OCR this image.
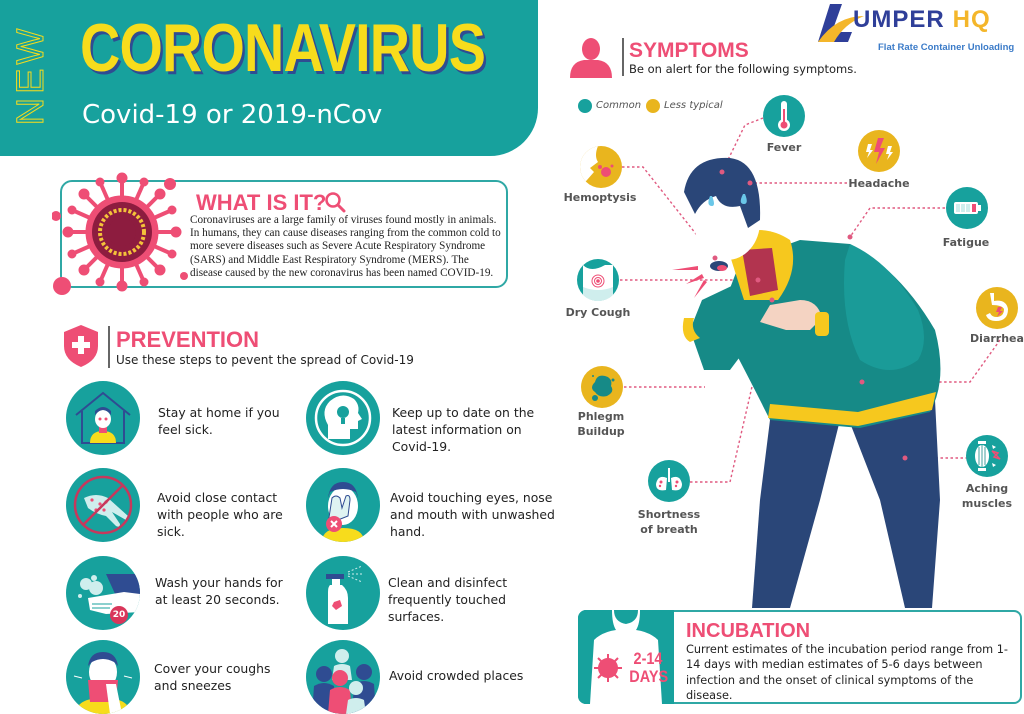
NEW CORONAVIRUS
Covid-19 or 2019-nCov
UMPER HQ
Flat Rate Container Unloading
WHAT IS IT?
Coronaviruses are a large family of viruses found mostly in animals. In humans, they can cause diseases ranging from the common cold to more severe diseases such as Severe Acute Respiratory Syndrome (SARS) and Middle East Respiratory Syndrome (MERS). The disease caused by the new coronavirus has been named COVID-19.
PREVENTION
Use these steps to pevent the spread of Covid-19
Stay at home if you feel sick.
Keep up to date on the latest information on Covid-19.
Avoid close contact with people who are sick.
Avoid touching eyes, nose and mouth with unwashed hand.
20
Wash your hands for at least 20 seconds.
Clean and disinfect frequently touched surfaces.
Cover your coughs and sneezes
Avoid crowded places
SYMPTOMS
Be on alert for the following symptoms.
Common Less typical
Fever
Headache
Hemoptysis
Fatigue
Dry Cough
Diarrhea
Phlegm Buildup
Aching muscles
Shortness of breath
2-14
DAYS
INCUBATION
Current estimates of the incubation period range from 1-14 days with median estimates of 5-6 days between infection and the onset of clinical symptoms of the disease.
